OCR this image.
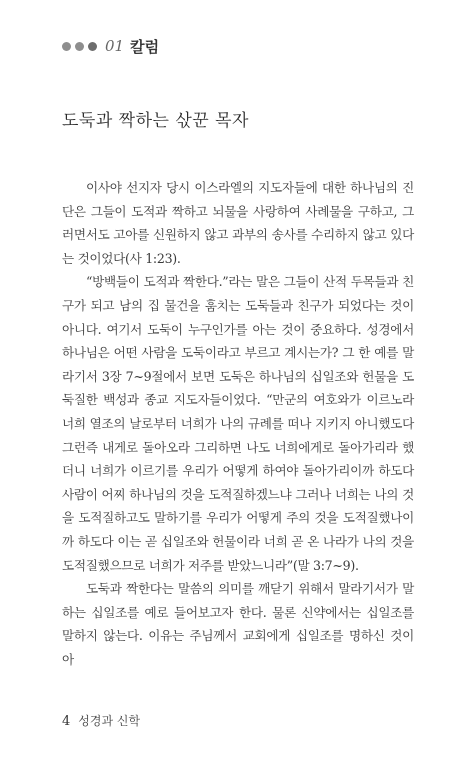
01 칼럼
도둑과 짝하는 삯꾼 목자

이사야 선지자 당시 이스라엘의 지도자들에 대한 하나님의 진단은 그들이 도적과 짝하고 뇌물을 사랑하여 사례물을 구하고, 그러면서도 고아를 신원하지 않고 과부의 송사를 수리하지 않고 있다는 것이었다(사 1:23).

“방백들이 도적과 짝한다.”라는 말은 그들이 산적 두목들과 친구가 되고 남의 집 물건을 훔치는 도둑들과 친구가 되었다는 것이 아니다. 여기서 도둑이 누구인가를 아는 것이 중요하다. 성경에서 하나님은 어떤 사람을 도둑이라고 부르고 계시는가? 그 한 예를 말라기서 3장 7~9절에서 보면 도둑은 하나님의 십일조와 헌물을 도둑질한 백성과 종교 지도자들이었다. “만군의 여호와가 이르노라 너희 열조의 날로부터 너희가 나의 규례를 떠나 지키지 아니했도다 그런즉 내게로 돌아오라 그리하면 나도 너희에게로 돌아가리라 했더니 너희가 이르기를 우리가 어떻게 하여야 돌아가리이까 하도다 사람이 어찌 하나님의 것을 도적질하겠느냐 그러나 너희는 나의 것을 도적질하고도 말하기를 우리가 어떻게 주의 것을 도적질했나이까 하도다 이는 곧 십일조와 헌물이라 너희 곧 온 나라가 나의 것을 도적질했으므로 너희가 저주를 받았느니라”(말 3:7~9).

도둑과 짝한다는 말씀의 의미를 깨닫기 위해서 말라기서가 말하는 십일조를 예로 들어보고자 한다. 물론 신약에서는 십일조를 말하지 않는다. 이유는 주님께서 교회에게 십일조를 명하신 것이 아

4 성경과 신학
